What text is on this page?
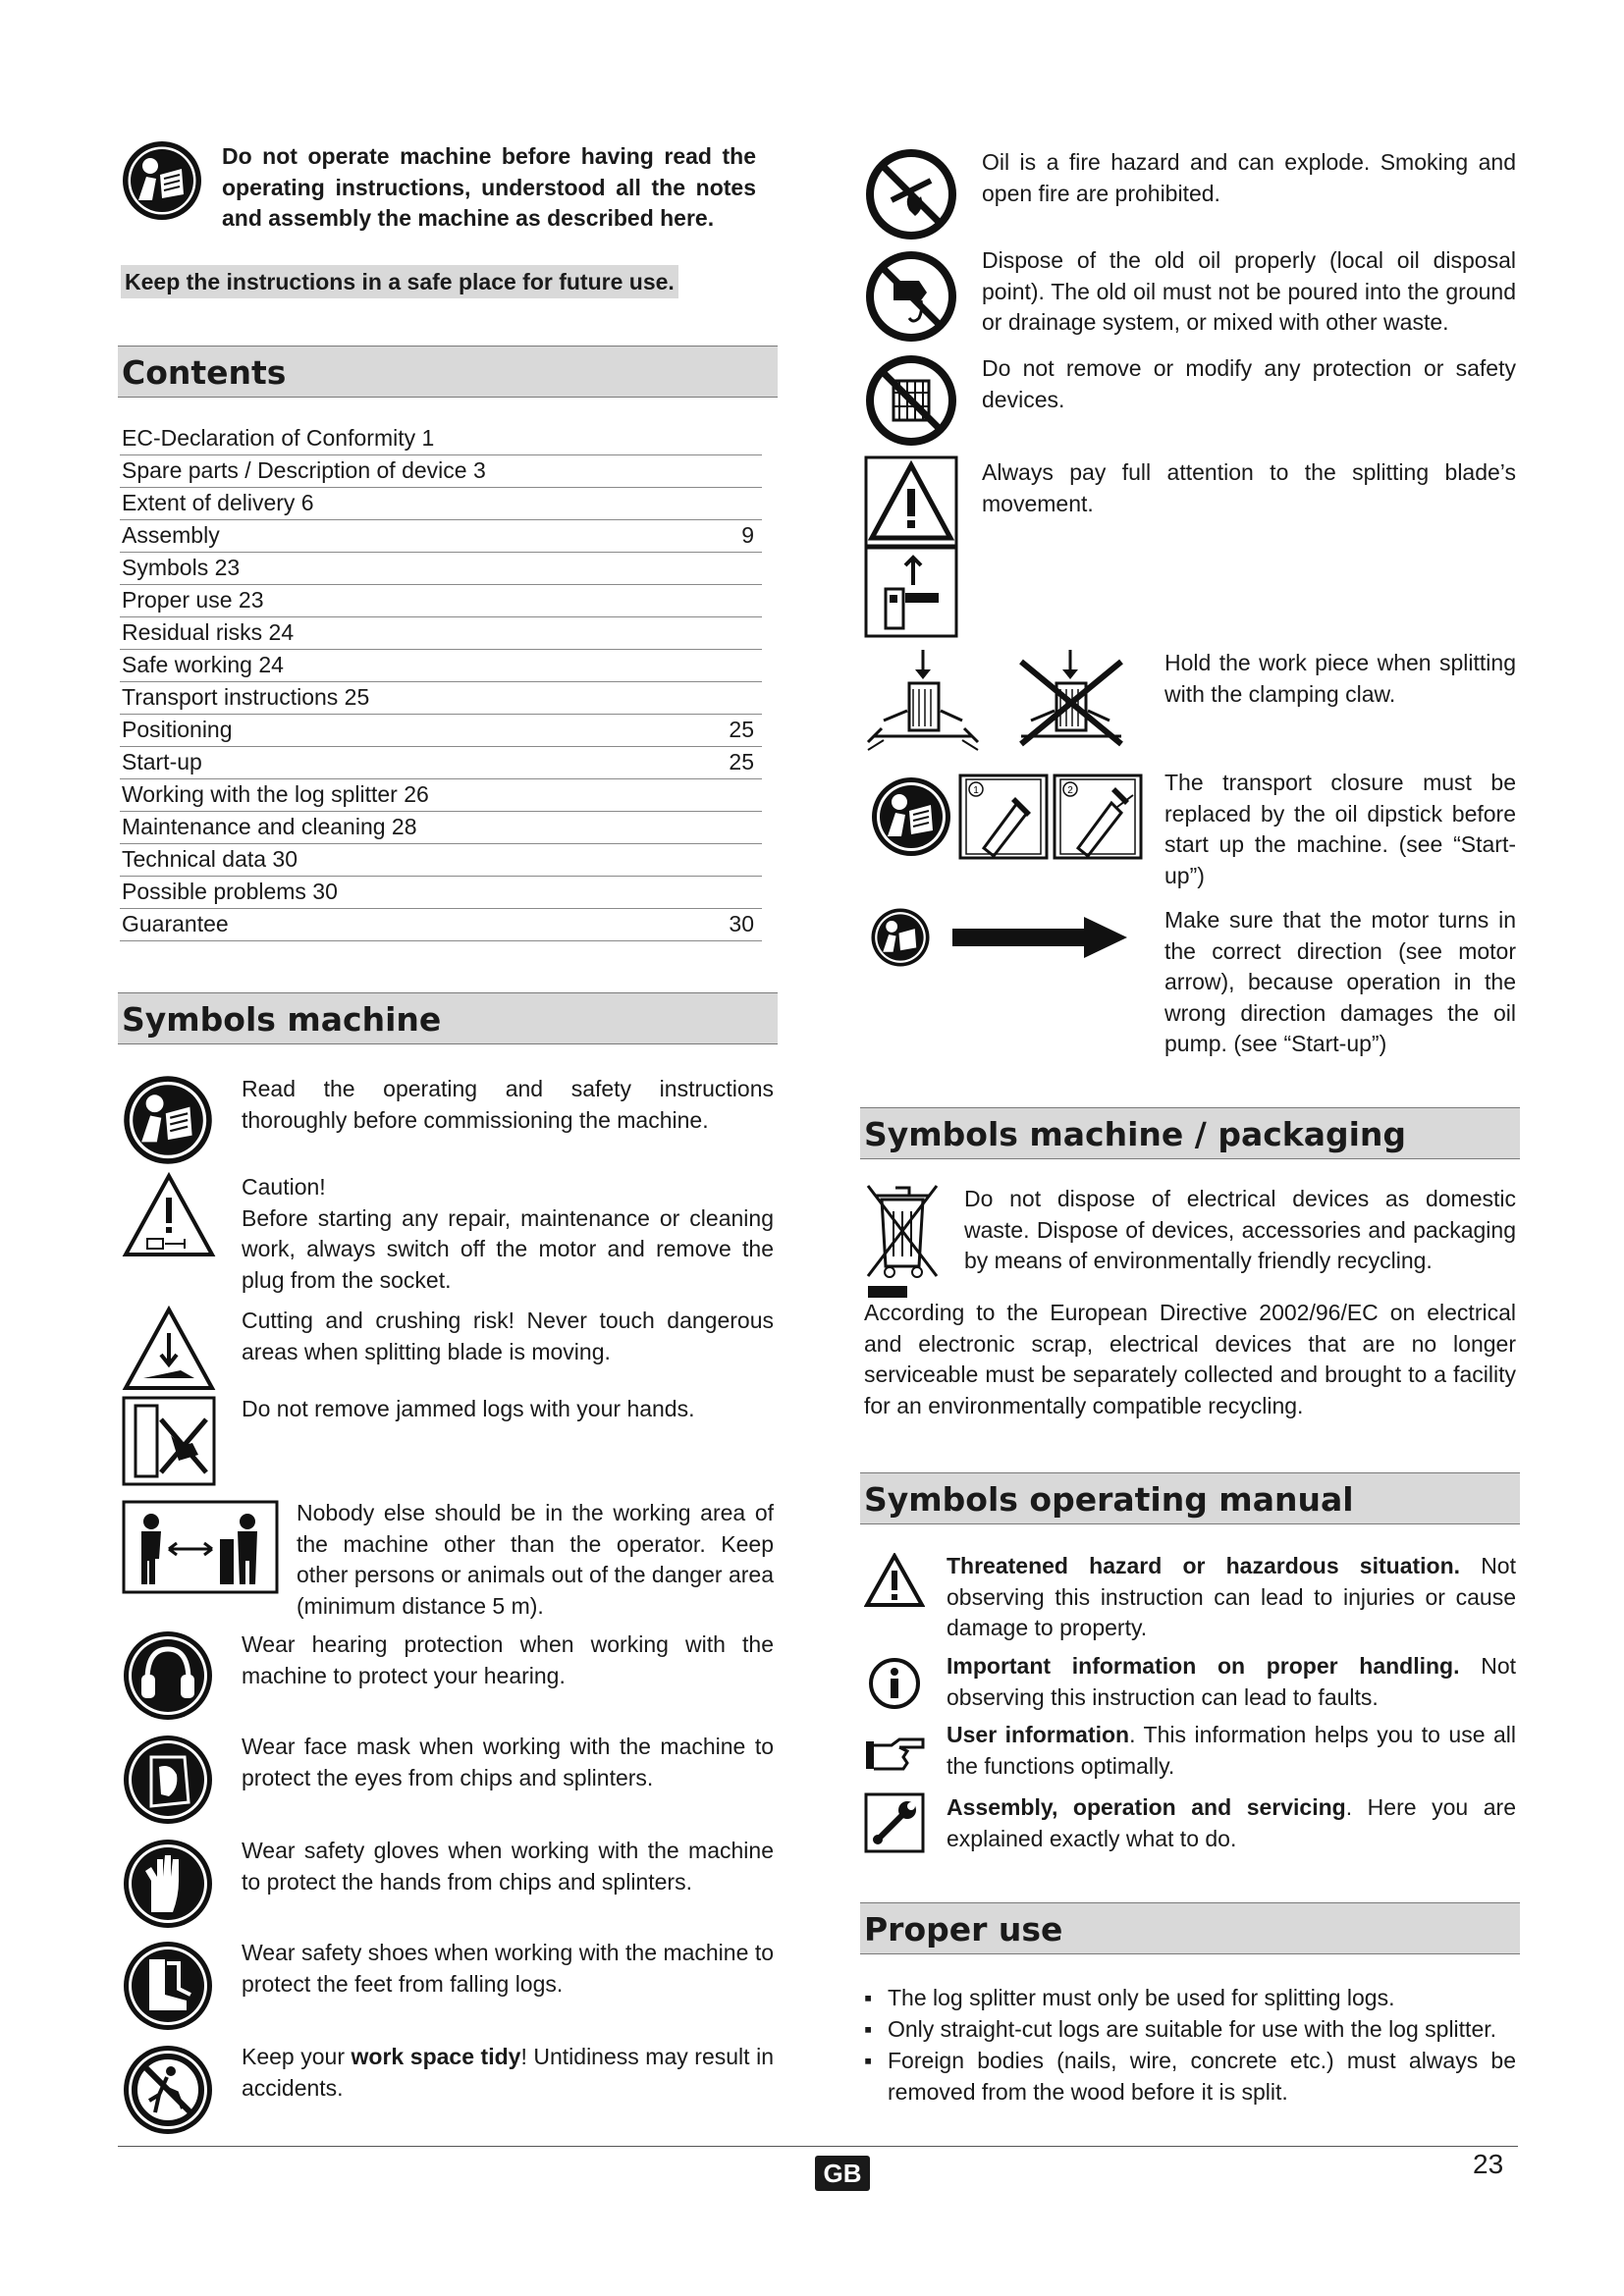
Do not operate machine before having read the operating instructions, understood all the notes and assembly the machine as described here.
Keep the instructions in a safe place for future use.
Contents
EC-Declaration of Conformity 1
Spare parts / Description of device 3
Extent of delivery 6
Assembly	9
Symbols 23
Proper use 23
Residual risks 24
Safe working 24
Transport instructions 25
Positioning	25
Start-up	25
Working with the log splitter 26
Maintenance and cleaning 28
Technical data 30
Possible problems 30
Guarantee	30
Symbols machine
Read the operating and safety instructions thoroughly before commissioning the machine.
Caution!
Before starting any repair, maintenance or cleaning work, always switch off the motor and remove the plug from the socket.
Cutting and crushing risk! Never touch dangerous areas when splitting blade is moving.
Do not remove jammed logs with your hands.
Nobody else should be in the working area of the machine other than the operator. Keep other persons or animals out of the danger area (minimum distance 5 m).
Wear hearing protection when working with the machine to protect your hearing.
Wear face mask when working with the machine to protect the eyes from chips and splinters.
Wear safety gloves when working with the machine to protect the hands from chips and splinters.
Wear safety shoes when working with the machine to protect the feet from falling logs.
Keep your work space tidy! Untidiness may result in accidents.
Oil is a fire hazard and can explode. Smoking and open fire are prohibited.
Dispose of the old oil properly (local oil disposal point). The old oil must not be poured into the ground or drainage system, or mixed with other waste.
Do not remove or modify any protection or safety devices.
Always pay full attention to the splitting blade’s movement.
Hold the work piece when splitting with the clamping claw.
1	2	The transport closure must be replaced by the oil dipstick before start up the machine. (see “Start-up”)
Make sure that the motor turns in the correct direction (see motor arrow), because operation in the wrong direction damages the oil pump. (see “Start-up”)
Symbols machine / packaging
Do not dispose of electrical devices as domestic waste. Dispose of devices, accessories and packaging by means of environmentally friendly recycling.
According to the European Directive 2002/96/EC on electrical and electronic scrap, electrical devices that are no longer serviceable must be separately collected and brought to a facility for an environmentally compatible recycling.
Symbols operating manual
Threatened hazard or hazardous situation. Not observing this instruction can lead to injuries or cause damage to property.
Important information on proper handling. Not observing this instruction can lead to faults.
User information. This information helps you to use all the functions optimally.
Assembly, operation and servicing. Here you are explained exactly what to do.
Proper use
▪ The log splitter must only be used for splitting logs.
▪ Only straight-cut logs are suitable for use with the log splitter.
▪ Foreign bodies (nails, wire, concrete etc.) must always be removed from the wood before it is split.
GB	23
